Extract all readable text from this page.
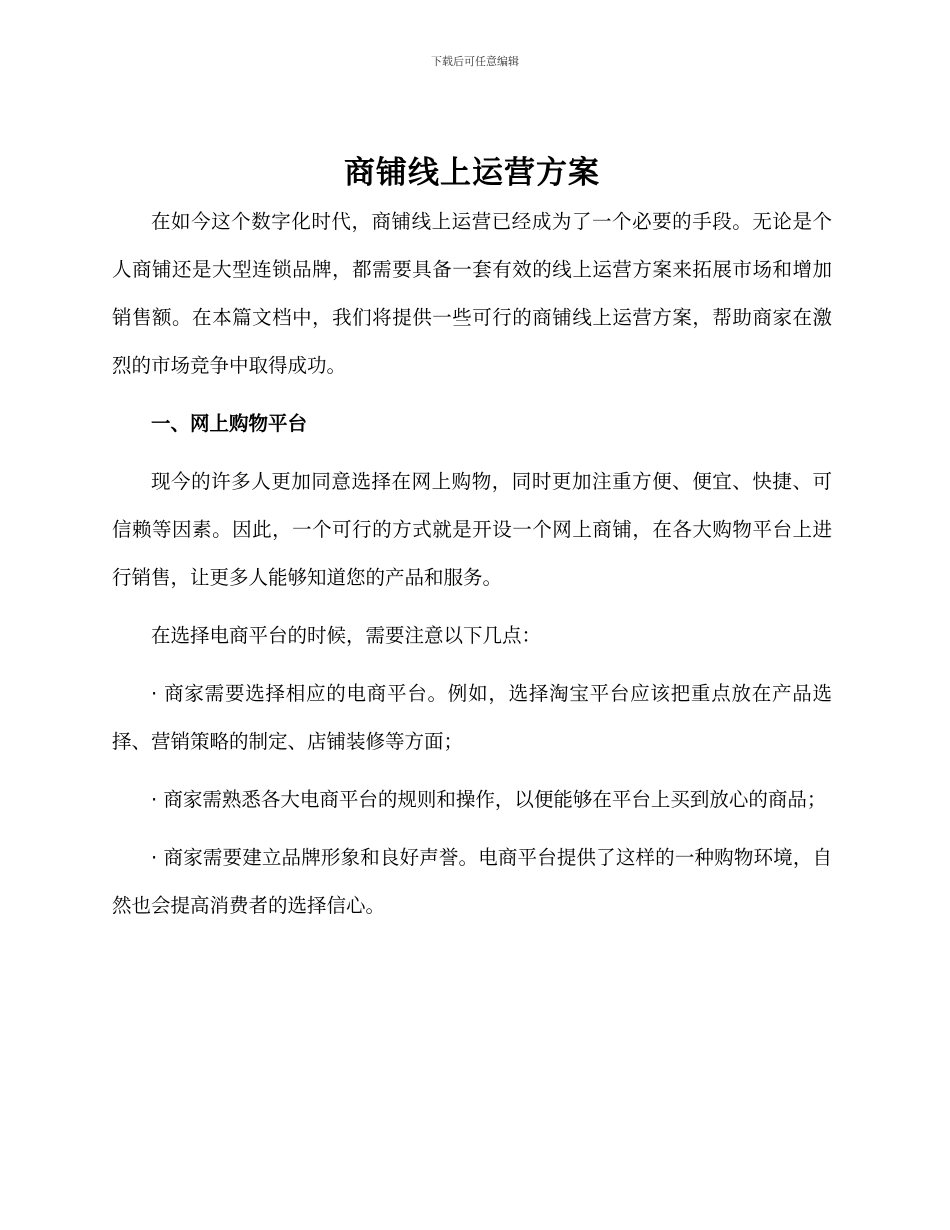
下载后可任意编辑
商铺线上运营方案

在如今这个数字化时代，商铺线上运营已经成为了一个必要的手段。无论是个人商铺还是大型连锁品牌，都需要具备一套有效的线上运营方案来拓展市场和增加销售额。在本篇文档中，我们将提供一些可行的商铺线上运营方案，帮助商家在激烈的市场竞争中取得成功。

一、网上购物平台

现今的许多人更加同意选择在网上购物，同时更加注重方便、便宜、快捷、可信赖等因素。因此，一个可行的方式就是开设一个网上商铺，在各大购物平台上进行销售，让更多人能够知道您的产品和服务。

在选择电商平台的时候，需要注意以下几点：

· 商家需要选择相应的电商平台。例如，选择淘宝平台应该把重点放在产品选择、营销策略的制定、店铺装修等方面；

· 商家需熟悉各大电商平台的规则和操作，以便能够在平台上买到放心的商品；

· 商家需要建立品牌形象和良好声誉。电商平台提供了这样的一种购物环境，自然也会提高消费者的选择信心。
